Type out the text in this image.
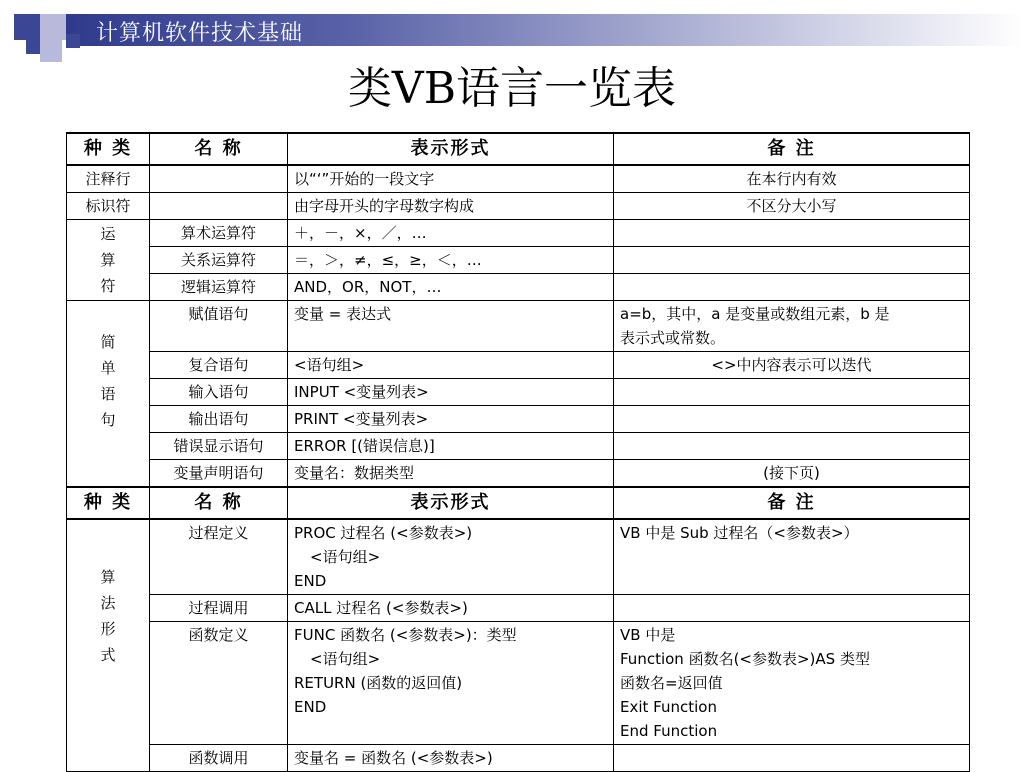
计算机软件技术基础
类VB语言一览表
种 类	名 称	表示形式	备 注
注释行		以“‘”开始的一段文字	在本行内有效
标识符		由字母开头的字母数字构成	不区分大小写

运
算
符	算术运算符	＋，－，×，／，…	
	关系运算符	＝，＞，≠，≤，≥，＜，…	
	逻辑运算符	AND，OR，NOT，…	

简
单
语
句	赋值语句	变量 = 表达式	a=b，其中，a 是变量或数组元素，b 是
表示式或常数。

	复合语句	<语句组>	<>中内容表示可以迭代
	输入语句	INPUT <变量列表>	
	输出语句	PRINT <变量列表>	
	错误显示语句	ERROR [(错误信息)]	
	变量声明语句	变量名：数据类型	(接下页)
种 类	名 称	表示形式	备 注

算
法
形
式	过程定义	PROC 过程名 (<参数表>)
<语句组>
END	VB 中是 Sub 过程名（<参数表>）
	过程调用	CALL 过程名 (<参数表>)	
	函数定义	FUNC 函数名 (<参数表>)：类型
<语句组>
RETURN (函数的返回值)
END	VB 中是
Function 函数名(<参数表>)AS 类型
函数名=返回值
Exit Function
End Function

	函数调用	变量名 = 函数名 (<参数表>)	
